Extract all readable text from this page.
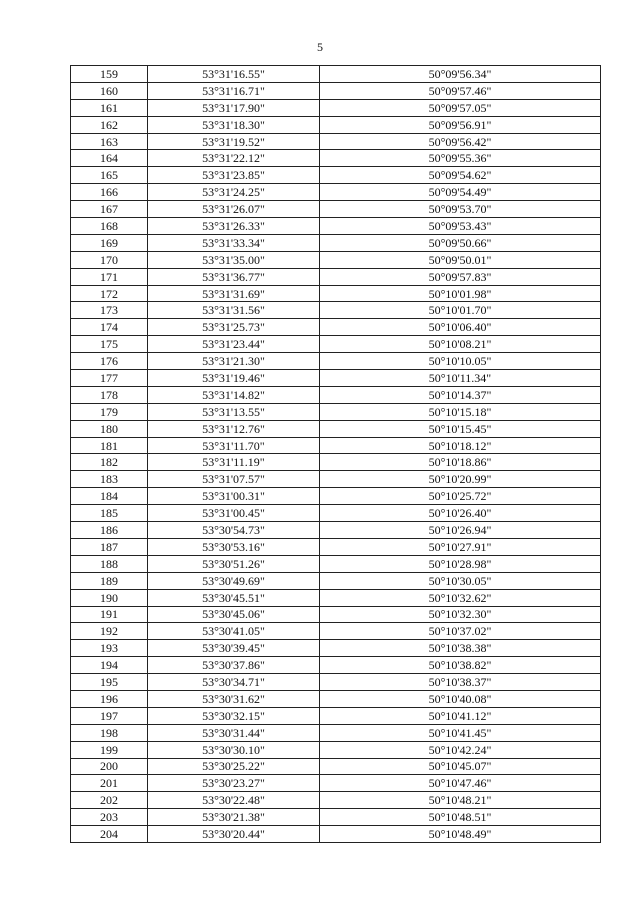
5
159	53°31'16.55"	50°09'56.34"
160	53°31'16.71"	50°09'57.46"
161	53°31'17.90"	50°09'57.05"
162	53°31'18.30"	50°09'56.91"
163	53°31'19.52"	50°09'56.42"
164	53°31'22.12"	50°09'55.36"
165	53°31'23.85"	50°09'54.62"
166	53°31'24.25"	50°09'54.49"
167	53°31'26.07"	50°09'53.70"
168	53°31'26.33"	50°09'53.43"
169	53°31'33.34"	50°09'50.66"
170	53°31'35.00"	50°09'50.01"
171	53°31'36.77"	50°09'57.83"
172	53°31'31.69"	50°10'01.98"
173	53°31'31.56"	50°10'01.70"
174	53°31'25.73"	50°10'06.40"
175	53°31'23.44"	50°10'08.21"
176	53°31'21.30"	50°10'10.05"
177	53°31'19.46"	50°10'11.34"
178	53°31'14.82"	50°10'14.37"
179	53°31'13.55"	50°10'15.18"
180	53°31'12.76"	50°10'15.45"
181	53°31'11.70"	50°10'18.12"
182	53°31'11.19"	50°10'18.86"
183	53°31'07.57"	50°10'20.99"
184	53°31'00.31"	50°10'25.72"
185	53°31'00.45"	50°10'26.40"
186	53°30'54.73"	50°10'26.94"
187	53°30'53.16"	50°10'27.91"
188	53°30'51.26"	50°10'28.98"
189	53°30'49.69"	50°10'30.05"
190	53°30'45.51"	50°10'32.62"
191	53°30'45.06"	50°10'32.30"
192	53°30'41.05"	50°10'37.02"
193	53°30'39.45"	50°10'38.38"
194	53°30'37.86"	50°10'38.82"
195	53°30'34.71"	50°10'38.37"
196	53°30'31.62"	50°10'40.08"
197	53°30'32.15"	50°10'41.12"
198	53°30'31.44"	50°10'41.45"
199	53°30'30.10"	50°10'42.24"
200	53°30'25.22"	50°10'45.07"
201	53°30'23.27"	50°10'47.46"
202	53°30'22.48"	50°10'48.21"
203	53°30'21.38"	50°10'48.51"
204	53°30'20.44"	50°10'48.49"
